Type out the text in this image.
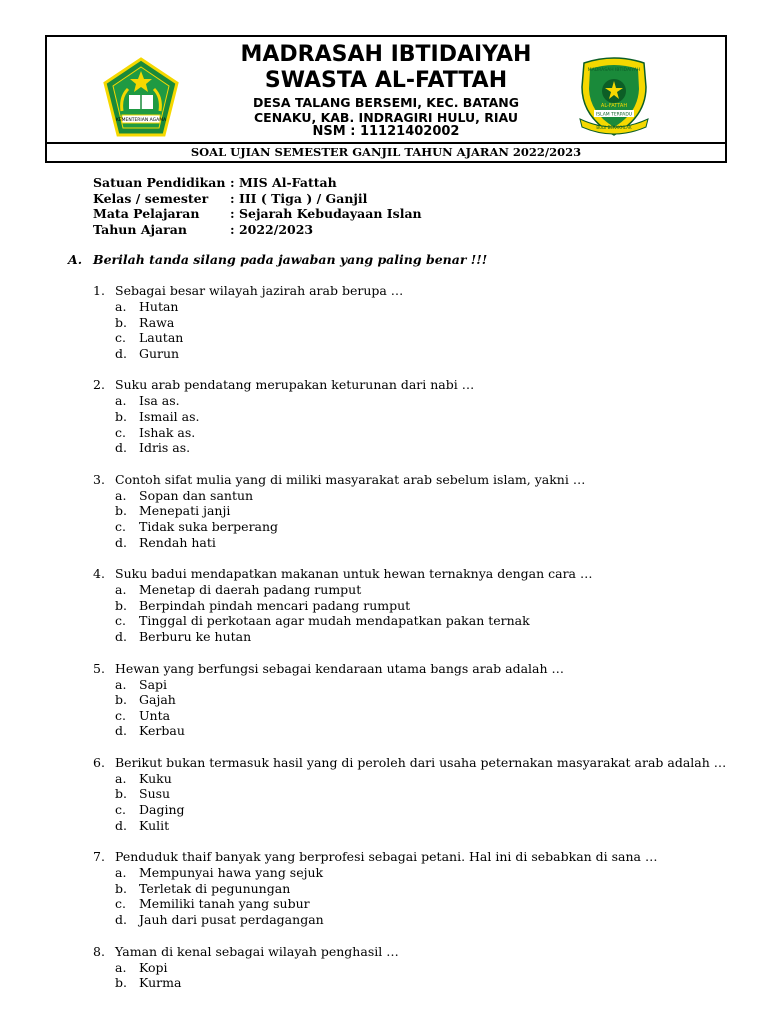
KEMENTERIAN AGAMA
MADRASAH IBTIDAIYAH
SWASTA AL-FATTAH
DESA TALANG BERSEMI, KEC. BATANG
CENAKU, KAB. INDRAGIRI HULU, RIAU
NSM : 11121402002
MADRASAH IBTIDAIYAH
AL-FATTAH
ISLAM TERPADU
BUDI BERAKHLAK
SOAL UJIAN SEMESTER GANJIL TAHUN AJARAN 2022/2023
Satuan Pendidikan : MIS Al-Fattah
Kelas / semester	: III ( Tiga ) / Ganjil
Mata Pelajaran	: Sejarah Kebudayaan Islan
Tahun Ajaran	: 2022/2023
A. Berilah tanda silang pada jawaban yang paling benar !!!
1. Sebagai besar wilayah jazirah arab berupa …
a.	Hutan
b. Rawa
c.	Lautan
d. Gurun
2. Suku arab pendatang merupakan keturunan dari nabi …
a.	Isa as.
b. Ismail as.
c.	Ishak as.
d. Idris as.
3. Contoh sifat mulia yang di miliki masyarakat arab sebelum islam, yakni …
a.	Sopan dan santun
b. Menepati janji
c.	Tidak suka berperang
d. Rendah hati
4. Suku badui mendapatkan makanan untuk hewan ternaknya dengan cara …
a.	Menetap di daerah padang rumput
b. Berpindah pindah mencari padang rumput
c.	Tinggal di perkotaan agar mudah mendapatkan pakan ternak
d. Berburu ke hutan
5. Hewan yang berfungsi sebagai kendaraan utama bangs arab adalah …
a.	Sapi
b. Gajah
c.	Unta
d. Kerbau
6. Berikut bukan termasuk hasil yang di peroleh dari usaha peternakan masyarakat arab adalah …
a.	Kuku
b. Susu
c.	Daging
d. Kulit
7. Penduduk thaif banyak yang berprofesi sebagai petani. Hal ini di sebabkan di sana …
a.	Mempunyai hawa yang sejuk
b. Terletak di pegunungan
c.	Memiliki tanah yang subur
d. Jauh dari pusat perdagangan
8. Yaman di kenal sebagai wilayah penghasil …
a.	Kopi
b. Kurma
